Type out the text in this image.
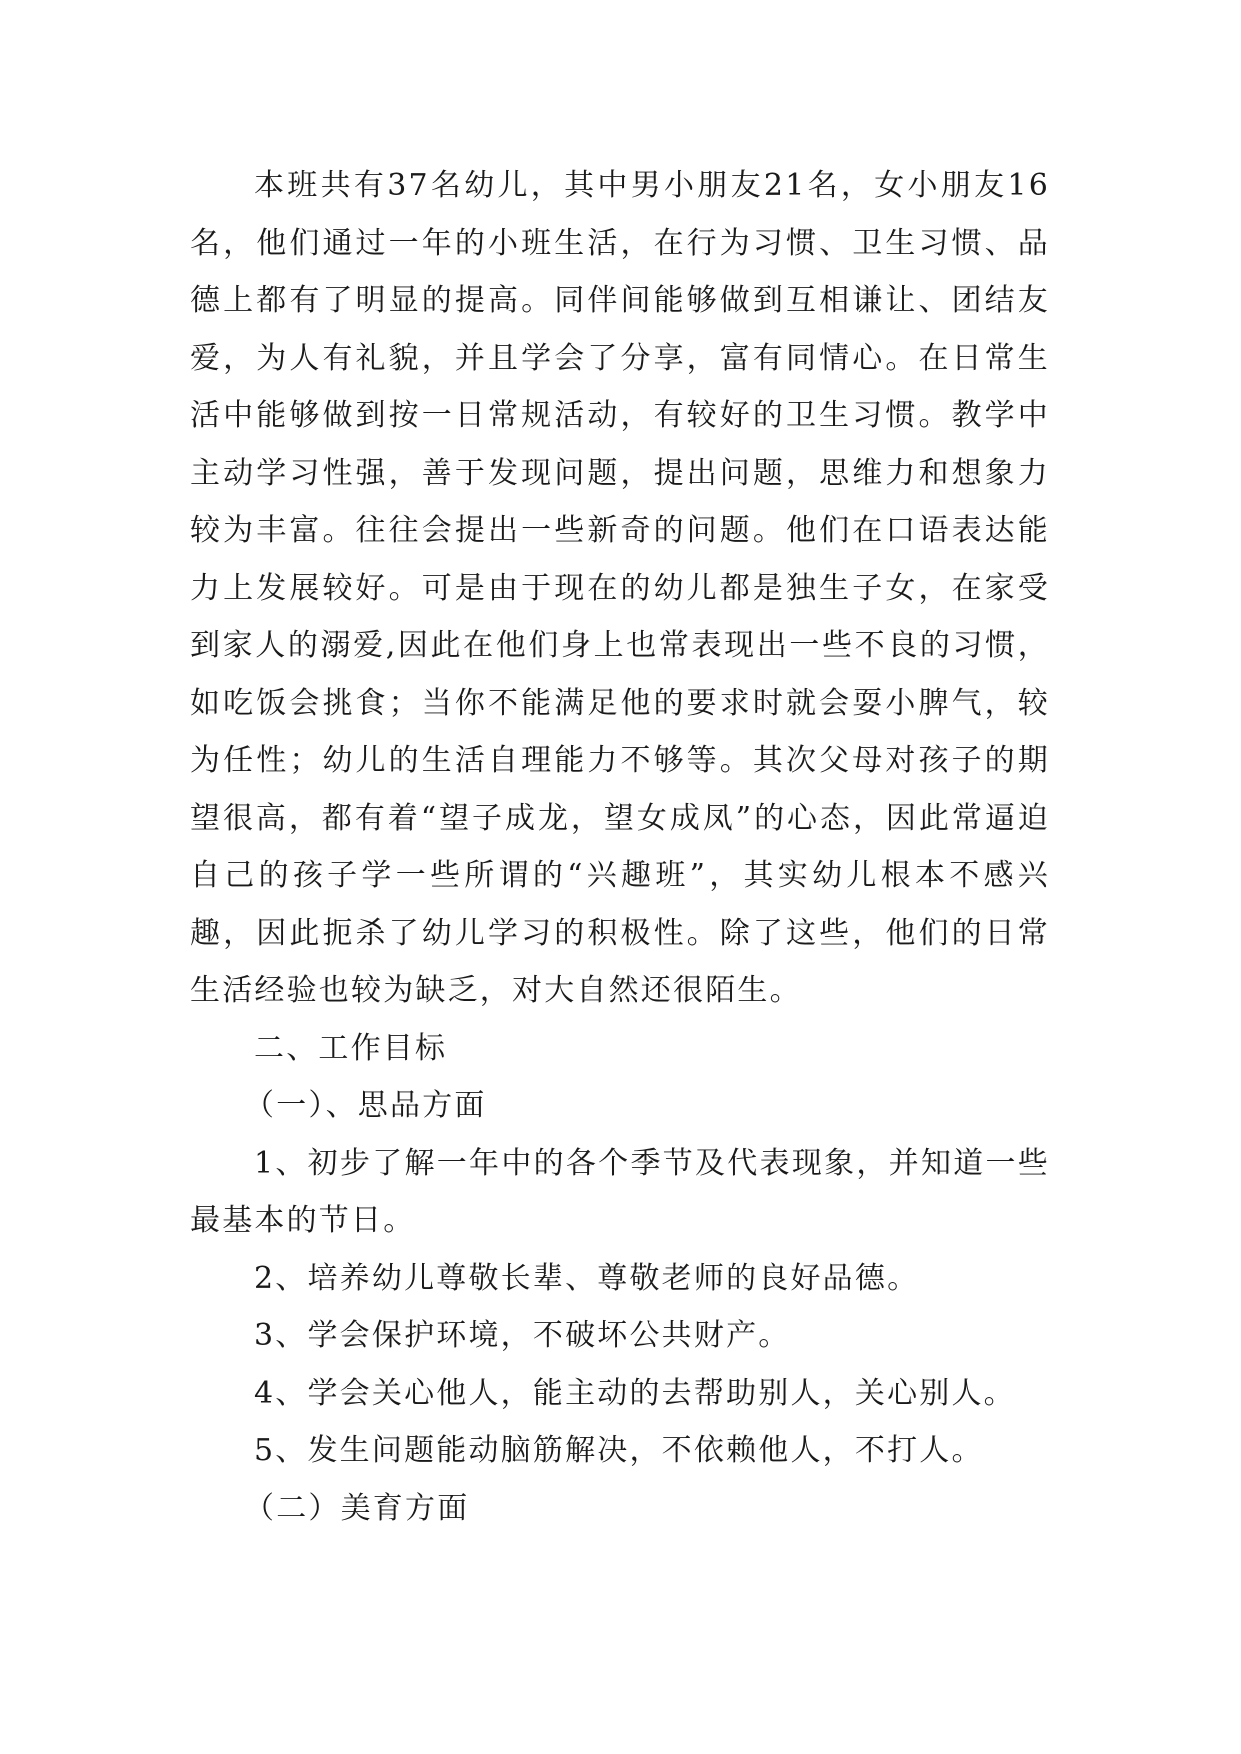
本班共有37名幼儿，其中男小朋友21名，女小朋友16名，他们通过一年的小班生活，在行为习惯、卫生习惯、品德上都有了明显的提高。同伴间能够做到互相谦让、团结友爱，为人有礼貌，并且学会了分享，富有同情心。在日常生活中能够做到按一日常规活动，有较好的卫生习惯。教学中主动学习性强，善于发现问题，提出问题，思维力和想象力较为丰富。往往会提出一些新奇的问题。他们在口语表达能力上发展较好。可是由于现在的幼儿都是独生子女，在家受到家人的溺爱,因此在他们身上也常表现出一些不良的习惯，如吃饭会挑食；当你不能满足他的要求时就会耍小脾气，较为任性；幼儿的生活自理能力不够等。其次父母对孩子的期望很高，都有着“望子成龙，望女成凤”的心态，因此常逼迫自己的孩子学一些所谓的“兴趣班”，其实幼儿根本不感兴趣，因此扼杀了幼儿学习的积极性。除了这些，他们的日常生活经验也较为缺乏，对大自然还很陌生。

二、工作目标

（一）、思品方面

1、初步了解一年中的各个季节及代表现象，并知道一些最基本的节日。

2、培养幼儿尊敬长辈、尊敬老师的良好品德。

3、学会保护环境，不破坏公共财产。

4、学会关心他人，能主动的去帮助别人，关心别人。

5、发生问题能动脑筋解决，不依赖他人，不打人。

（二）美育方面
